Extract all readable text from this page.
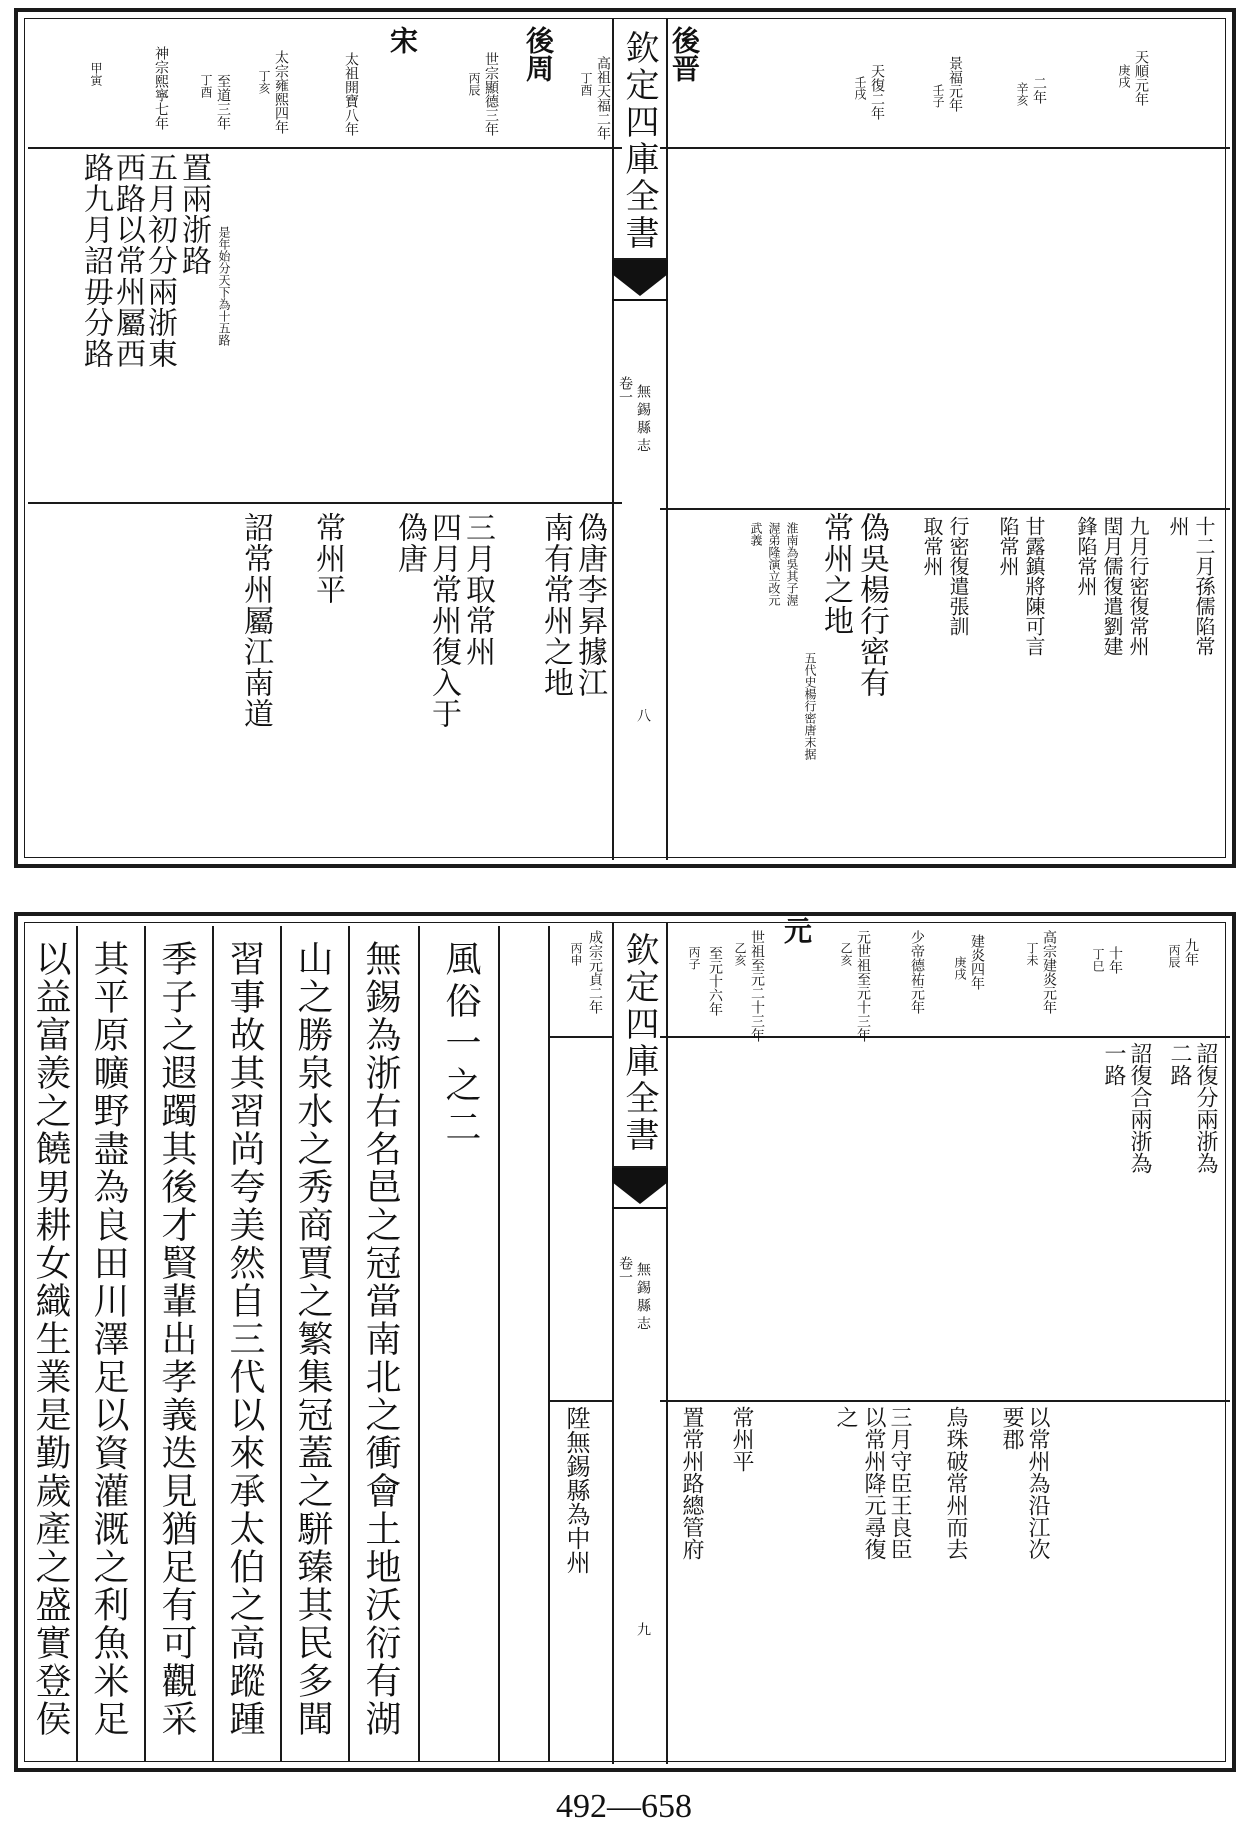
欽定四庫全書
無錫縣志
卷一
八
後晋	天順元年
庚戌
二年
辛亥
景福元年
壬子
天復二年
壬戌
十二月孫儒陷常
州
九月行密復常州
閏月儒復遣劉建
鋒陷常州
甘露鎮將陳可言
陷常州
行密復遣張訓
取常州
偽吳楊行密有
常州之地
五代史楊行密唐末据
淮南為吳其子渥
渥弟隆演立改元
武義
後周
宋
高祖天福二年
丁酉
世宗顯德三年
丙辰
太祖開寶八年
太宗雍熙四年
丁亥
至道三年
丁酉
神宗熙寧七年
甲寅
置兩浙路
是年始分天下為十五路
五月初分兩浙東
西路以常州屬西
路九月詔毋分路
偽唐李昪據江
南有常州之地
三月取常州
四月常州復入于
偽唐
常州平
詔常州屬江南道
欽定四庫全書
無錫縣志
卷一
九
元
九年
丙辰
十年
丁巳
高宗建炎元年
丁未
建炎四年
庚戌
少帝德祐元年
元世祖至元十三年
乙亥
世祖至元二十三年
乙亥
至元十六年
丙子
成宗元貞二年
丙申
詔復分兩浙為
二路
詔復合兩浙為
一路
以常州為沿江次
要郡
烏珠破常州而去
三月守臣王良臣
以常州降元尋復
之
常州平
置常州路總管府
陞無錫縣為中州
風俗一之二
無錫為浙右名邑之冠當南北之衝會土地沃衍有湖
山之勝泉水之秀商賈之繁集冠蓋之駢臻其民多聞
習事故其習尚夸美然自三代以來承太伯之高蹤踵
季子之遐躅其後才賢輩出孝義迭見猶足有可觀采
其平原曠野盡為良田川澤足以資灌溉之利魚米足
以益富羨之饒男耕女織生業是勤歲產之盛實登侯
492—658
